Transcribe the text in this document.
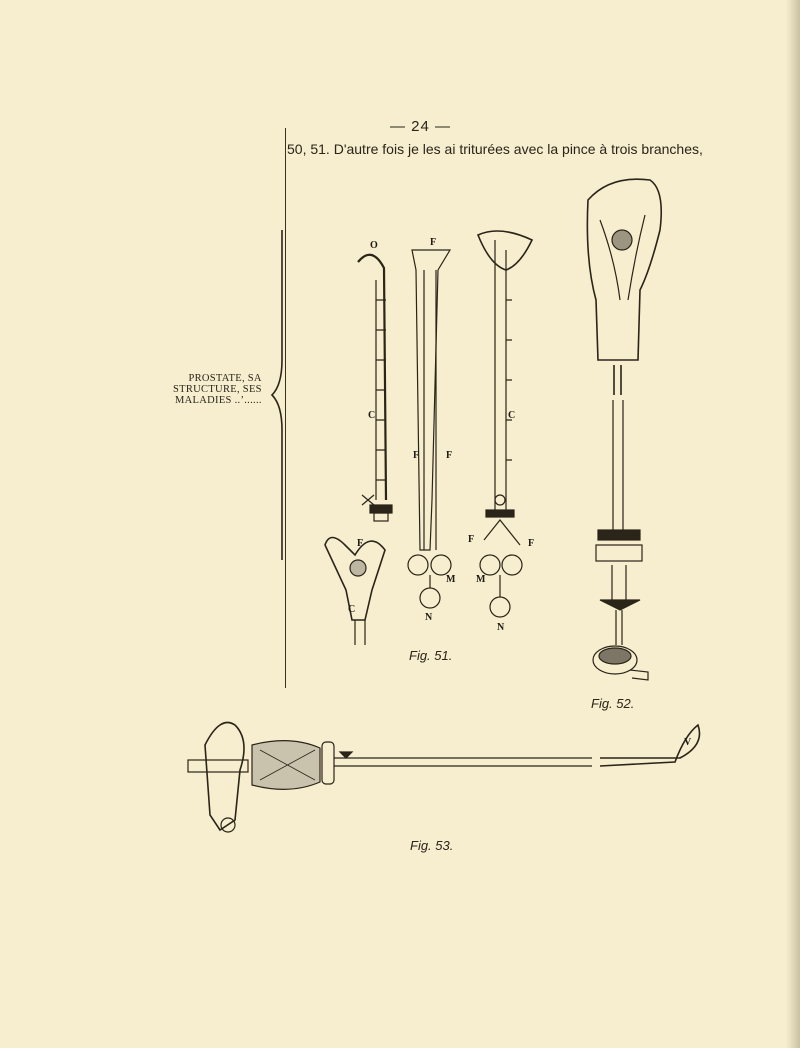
— 24 —
50, 51. D'autre fois je les ai triturées avec la pince à trois branches,
PROSTATE, SA
STRUCTURE, SES
MALADIES ..’......
O	F
C	C
F	F
F
C
F	F
M M
N
N
V
Fig. 51.
Fig. 52.
Fig. 53.
